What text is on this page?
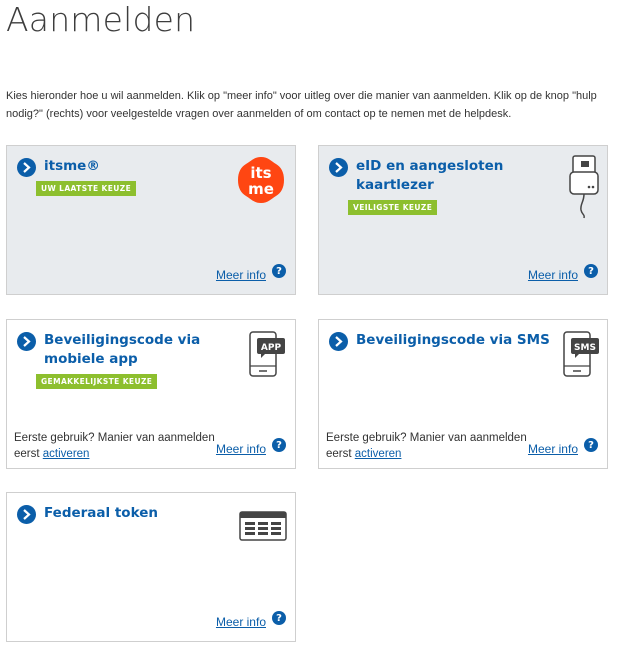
Aanmelden

Kies hieronder hoe u wil aanmelden. Klik op "meer info" voor uitleg over die manier van aanmelden. Klik op de knop "hulp nodig?" (rechts) voor veelgestelde vragen over aanmelden of om contact op te nemen met de helpdesk.

itsme®
UW LAATSTE KEUZE
its
me
Meer info	?
eID en aangesloten kaartlezer
VEILIGSTE KEUZE
Meer info	?
Beveiligingscode via mobiele app
GEMAKKELIJKSTE KEUZE
APP
Eerste gebruik? Manier van aanmelden eerst activeren	Meer info	?
Beveiligingscode via SMS	SMS
Eerste gebruik? Manier van aanmelden eerst activeren	Meer info	?
Federaal token
Meer info	?
